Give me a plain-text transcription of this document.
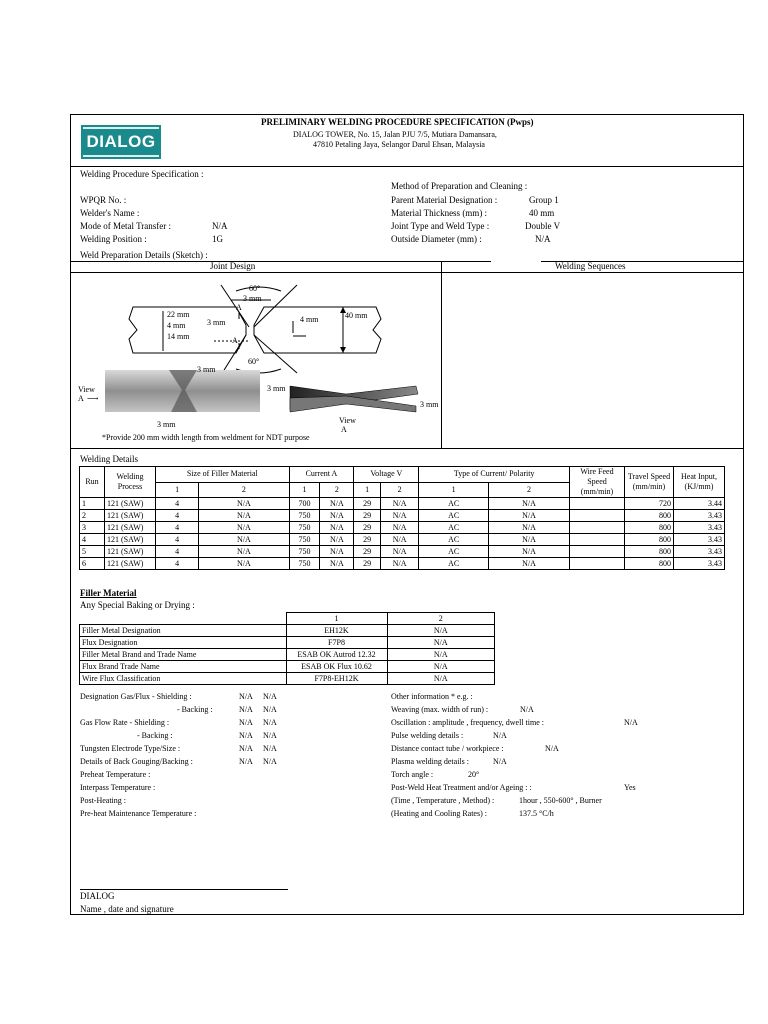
DIALOG
PRELIMINARY WELDING PROCEDURE SPECIFICATION (Pwps)
DIALOG TOWER, No. 15, Jalan PJU 7/5, Mutiara Damansara,
47810 Petaling Jaya, Selangor Darul Ehsan, Malaysia
Welding Procedure Specification :
Method of Preparation and Cleaning :
WPQR No. :	Parent Material Designation :	Group 1
Welder's Name :	Material Thickness (mm) :	40 mm
Mode of Metal Transfer :	N/A	Joint Type and Weld Type :	Double V
Welding Position :	1G	Outside Diameter (mm) :	N/A
Weld Preparation Details (Sketch) :
Joint Design	Welding Sequences
60°
3 mm
22 mm
4 mm
14 mm
3 mm	4 mm	40 mm
A
A
60°
3 mm
3 mm
View
A ⟶
3 mm
3 mm
View
A
*Provide 200 mm width length from weldment for NDT purpose
Welding Details
Run	Welding Process	Size of Filler Material		Current A		Voltage V		Type of Current/ Polarity		Wire Feed Speed (mm/min)	Travel Speed (mm/min)	Heat Input, (KJ/mm)
		1	2	1	2	1	2	1	2			
1	121 (SAW)	4	N/A	700	N/A	29	N/A	AC	N/A		720	3.44
2	121 (SAW)	4	N/A	750	N/A	29	N/A	AC	N/A		800	3.43
3	121 (SAW)	4	N/A	750	N/A	29	N/A	AC	N/A		800	3.43
4	121 (SAW)	4	N/A	750	N/A	29	N/A	AC	N/A		800	3.43
5	121 (SAW)	4	N/A	750	N/A	29	N/A	AC	N/A		800	3.43
6	121 (SAW)	4	N/A	750	N/A	29	N/A	AC	N/A		800	3.43
Filler Material
Any Special Baking or Drying :
	1	2
Filler Metal Designation	EH12K	N/A
Flux Designation	F7P8	N/A
Filler Metal Brand and Trade Name	ESAB OK Autrod 12.32	N/A
Flux Brand Trade Name	ESAB OK Flux 10.62	N/A
Wire Flux Classification	F7P8-EH12K	N/A
Designation Gas/Flux - Shielding :	N/A N/A
- Backing :	N/A N/A
Gas Flow Rate - Shielding :	N/A N/A
- Backing :	N/A N/A
Tungsten Electrode Type/Size :	N/A N/A
Details of Back Gouging/Backing :	N/A N/A
Preheat Temperature :
Interpass Temperature :
Post-Heating :
Pre-heat Maintenance Temperature :
Other information * e.g. :
Weaving (max. width of run) :	N/A
Oscillation : amplitude , frequency, dwell time :	N/A
Pulse welding details :	N/A
Distance contact tube / workpiece :	N/A
Plasma welding details :	N/A
Torch angle :	20°
Post-Weld Heat Treatment and/or Ageing : :	Yes
(Time , Temperature , Method) :	1hour , 550-600° , Burner
(Heating and Cooling Rates) :	137.5 °C/h
DIALOG
Name , date and signature
